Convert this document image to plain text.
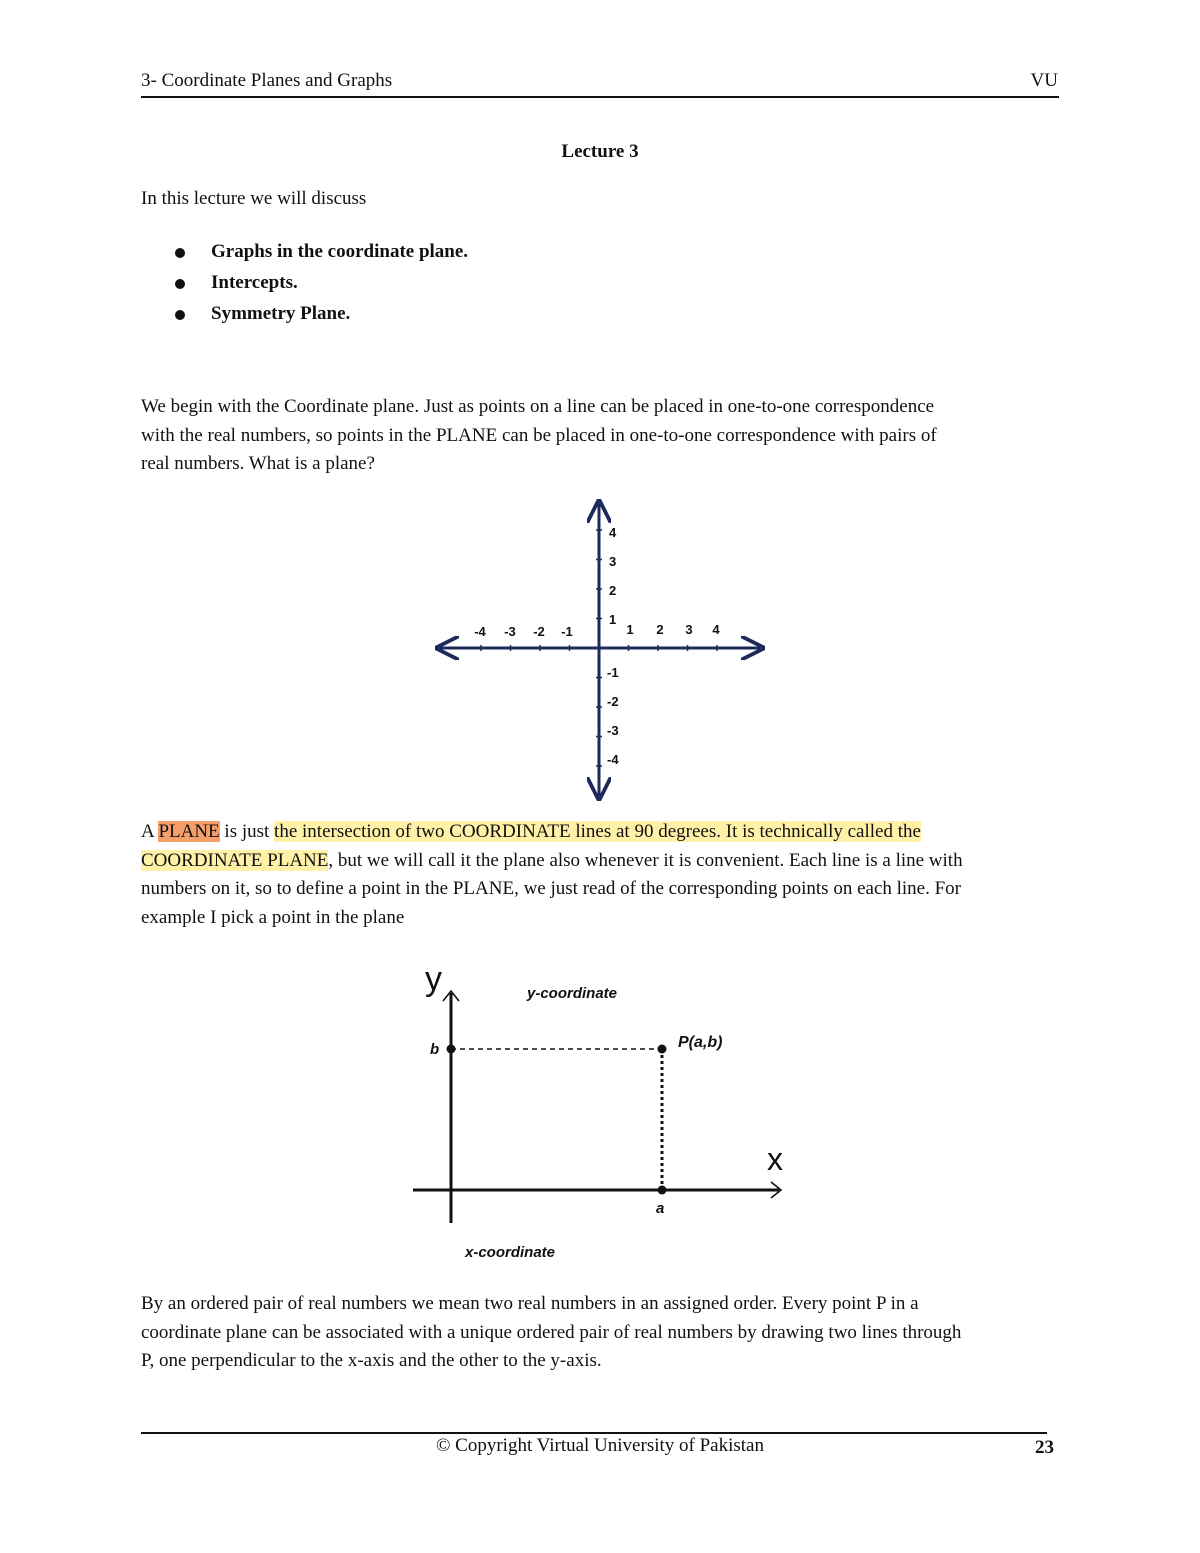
3- Coordinate Planes and Graphs	VU
Lecture 3
In this lecture we will discuss
Graphs in the coordinate plane.
Intercepts.
Symmetry Plane.

We begin with the Coordinate plane. Just as points on a line can be placed in one-to-one correspondence

with the real numbers, so points in the PLANE can be placed in one-to-one correspondence with pairs of

real numbers. What is a plane?

-4 -3 -2 -1	1 2 3 4
4
3
2
1
-1
-2
-3
-4

A PLANE is just the intersection of two COORDINATE lines at 90 degrees. It is technically called the

COORDINATE PLANE, but we will call it the plane also whenever it is convenient. Each line is a line with

numbers on it, so to define a point in the PLANE, we just read of the corresponding points on each line. For

example I pick a point in the plane

y
x
y-coordinate
x-coordinate
b
a
P(a,b)

By an ordered pair of real numbers we mean two real numbers in an assigned order. Every point P in a

coordinate plane can be associated with a unique ordered pair of real numbers by drawing two lines through

P, one perpendicular to the x-axis and the other to the y-axis.

© Copyright Virtual University of Pakistan	23
